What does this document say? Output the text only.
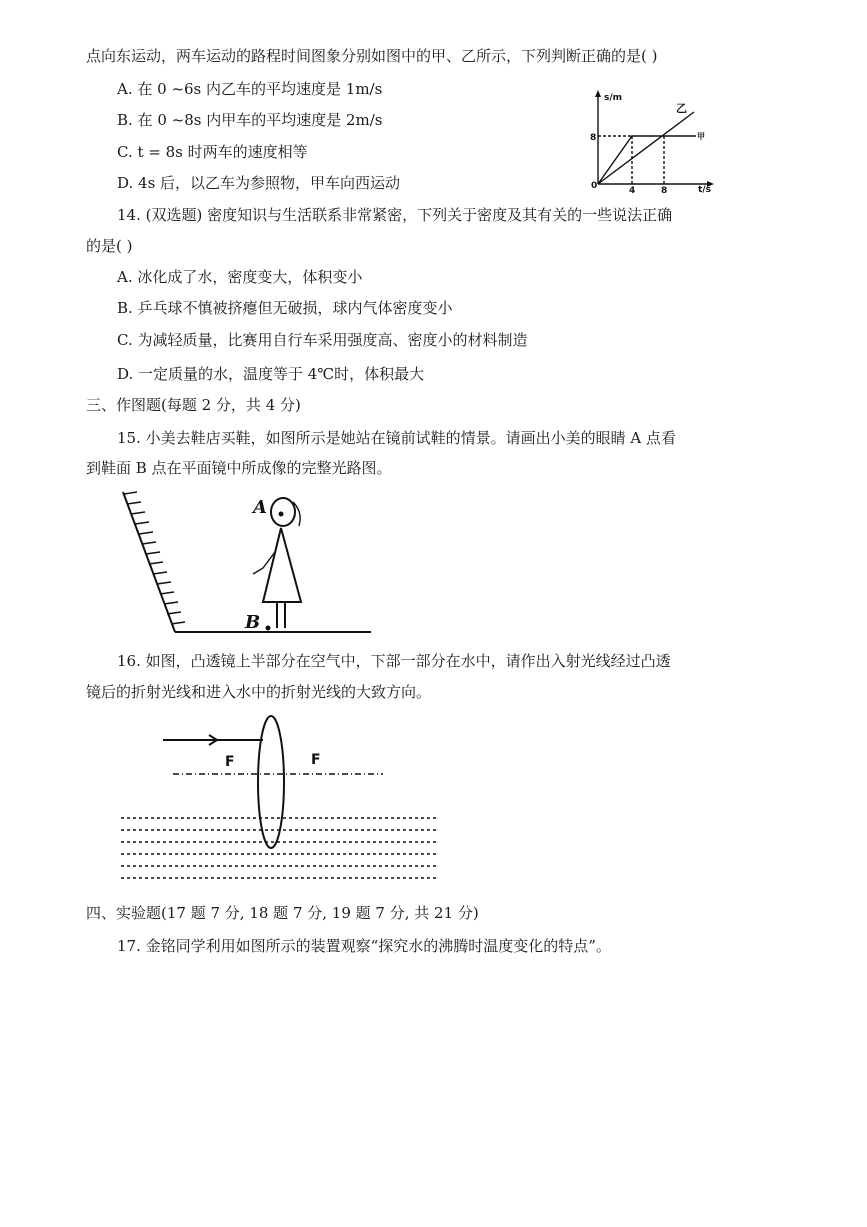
点向东运动，两车运动的路程时间图象分别如图中的甲、乙所示，下列判断正确的是( )
A. 在 0 ~6s 内乙车的平均速度是 1m/s
B. 在 0 ~8s 内甲车的平均速度是 2m/s
C. t = 8s 时两车的速度相等
D. 4s 后，以乙车为参照物，甲车向西运动
s/m
t/s
0
8
4	8
乙
甲
14. (双选题) 密度知识与生活联系非常紧密，下列关于密度及其有关的一些说法正确
的是( )
A. 冰化成了水，密度变大，体积变小
B. 乒乓球不慎被挤瘪但无破损，球内气体密度变小
C. 为减轻质量，比赛用自行车采用强度高、密度小的材料制造
D. 一定质量的水，温度等于 4℃时，体积最大
三、作图题(每题 2 分，共 4 分)
15. 小美去鞋店买鞋，如图所示是她站在镜前试鞋的情景。请画出小美的眼睛 A 点看
到鞋面 B 点在平面镜中所成像的完整光路图。
A
B
16. 如图，凸透镜上半部分在空气中，下部一部分在水中，请作出入射光线经过凸透
镜后的折射光线和进入水中的折射光线的大致方向。
F	F
四、实验题(17 题 7 分, 18 题 7 分, 19 题 7 分, 共 21 分)
17. 金铭同学利用如图所示的装置观察“探究水的沸腾时温度变化的特点”。
